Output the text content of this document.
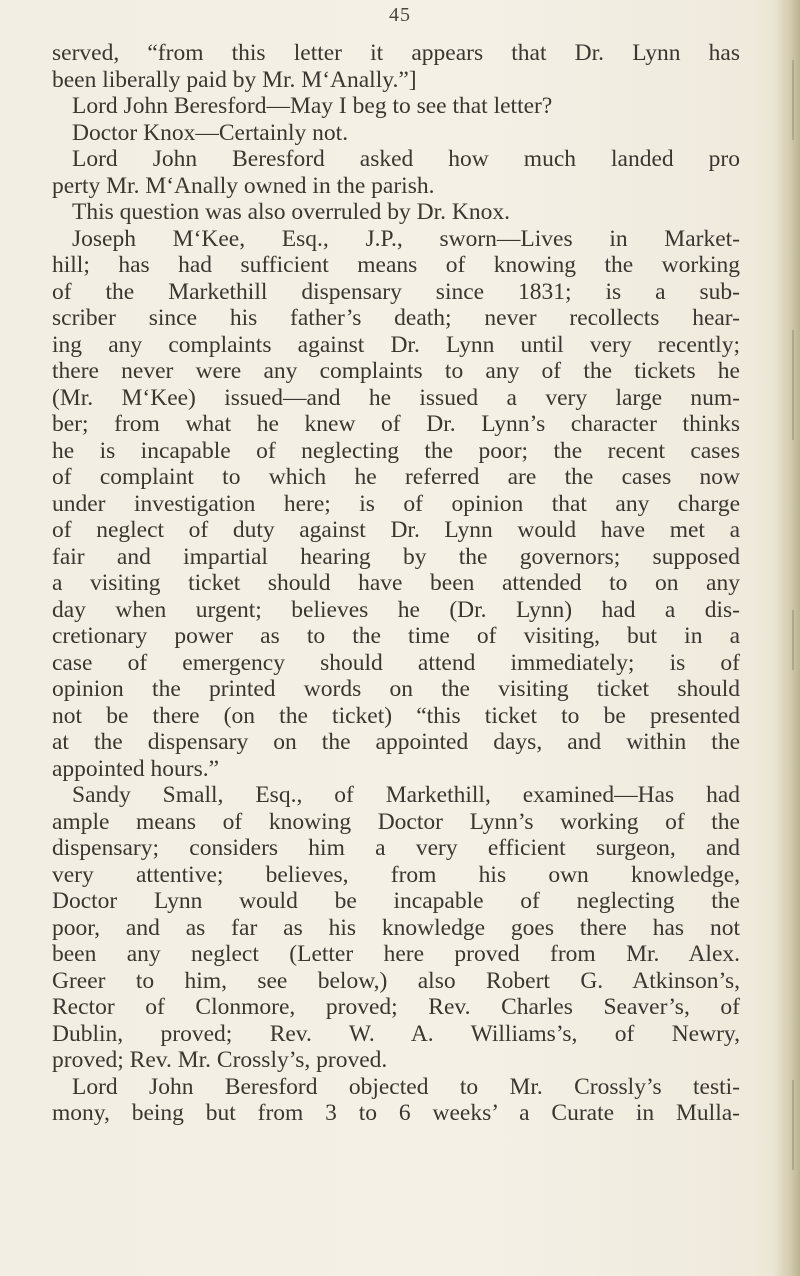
45
served, “from this letter it appears that Dr. Lynn has
been liberally paid by Mr. M‘Anally.”]
Lord John Beresford—May I beg to see that letter?
Doctor Knox—Certainly not.
Lord John Beresford asked how much landed pro
perty Mr. M‘Anally owned in the parish.
This question was also overruled by Dr. Knox.
Joseph M‘Kee, Esq., J.P., sworn—Lives in Market-
hill; has had sufficient means of knowing the working
of the Markethill dispensary since 1831; is a sub-
scriber since his father’s death; never recollects hear-
ing any complaints against Dr. Lynn until very recently;
there never were any complaints to any of the tickets he
(Mr. M‘Kee) issued—and he issued a very large num-
ber; from what he knew of Dr. Lynn’s character thinks
he is incapable of neglecting the poor; the recent cases
of complaint to which he referred are the cases now
under investigation here; is of opinion that any charge
of neglect of duty against Dr. Lynn would have met a
fair and impartial hearing by the governors; supposed
a visiting ticket should have been attended to on any
day when urgent; believes he (Dr. Lynn) had a dis-
cretionary power as to the time of visiting, but in a
case of emergency should attend immediately; is of
opinion the printed words on the visiting ticket should
not be there (on the ticket) “this ticket to be presented
at the dispensary on the appointed days, and within the
appointed hours.”
Sandy Small, Esq., of Markethill, examined—Has had
ample means of knowing Doctor Lynn’s working of the
dispensary; considers him a very efficient surgeon, and
very attentive; believes, from his own knowledge,
Doctor Lynn would be incapable of neglecting the
poor, and as far as his knowledge goes there has not
been any neglect (Letter here proved from Mr. Alex.
Greer to him, see below,) also Robert G. Atkinson’s,
Rector of Clonmore, proved; Rev. Charles Seaver’s, of
Dublin, proved; Rev. W. A. Williams’s, of Newry,
proved; Rev. Mr. Crossly’s, proved.
Lord John Beresford objected to Mr. Crossly’s testi-
mony, being but from 3 to 6 weeks’ a Curate in Mulla-
